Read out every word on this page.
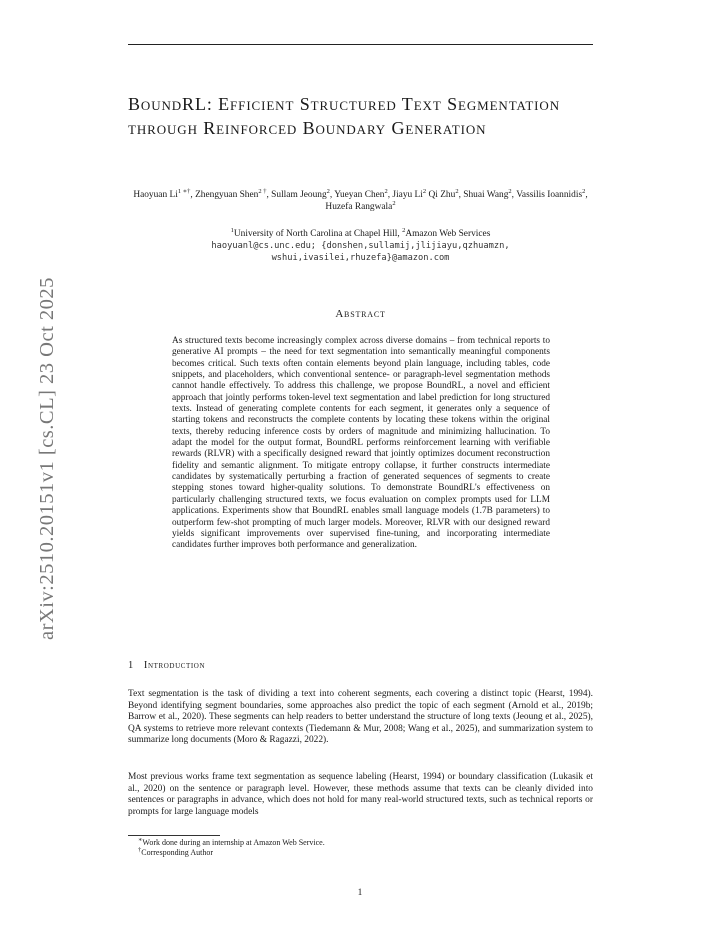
arXiv:2510.20151v1 [cs.CL] 23 Oct 2025
BoundRL: Efficient Structured Text Segmentation through Reinforced Boundary Generation
Haoyuan $Li^{1 ∗\dagger}$, Zhengyuan Shen$^{2 \dagger}$, Sullam Jeoung$^2$, Yueyan Chen$^2$, Jiayu Li$^2$ Qi Zhu$^2$, Shuai Wang$^2$, Vassilis Ioannidis$^2$, Huzefa Rangwala$^2$
$^1$University of North Carolina at Chapel Hill, $^2$Amazon Web Services
haoyuanl@cs.unc.edu; {donshen,sullamij,jlijiayu,qzhuamzn,
wshui,ivasilei,rhuzefa}@amazon.com
Abstract

As structured texts become increasingly complex across diverse domains – from technical reports to generative AI prompts – the need for text segmentation into semantically meaningful components becomes critical. Such texts often contain elements beyond plain language, including tables, code snippets, and placeholders, which conventional sentence- or paragraph-level segmentation methods cannot handle effectively. To address this challenge, we propose BoundRL, a novel and efficient approach that jointly performs token-level text segmentation and label prediction for long structured texts. Instead of generating complete contents for each segment, it generates only a sequence of starting tokens and reconstructs the complete contents by locating these tokens within the original texts, thereby reducing inference costs by orders of magnitude and minimizing hallucination. To adapt the model for the output format, BoundRL performs reinforcement learning with verifiable rewards (RLVR) with a specifically designed reward that jointly optimizes document reconstruction fidelity and semantic alignment. To mitigate entropy collapse, it further constructs intermediate candidates by systematically perturbing a fraction of generated sequences of segments to create stepping stones toward higher-quality solutions. To demonstrate BoundRL's effectiveness on particularly challenging structured texts, we focus evaluation on complex prompts used for LLM applications. Experiments show that BoundRL enables small language models (1.7B parameters) to outperform few-shot prompting of much larger models. Moreover, RLVR with our designed reward yields significant improvements over supervised fine-tuning, and incorporating intermediate candidates further improves both performance and generalization.

1 Introduction

Text segmentation is the task of dividing a text into coherent segments, each covering a distinct topic (Hearst, 1994). Beyond identifying segment boundaries, some approaches also predict the topic of each segment (Arnold et al., 2019b; Barrow et al., 2020). These segments can help readers to better understand the structure of long texts (Jeoung et al., 2025), QA systems to retrieve more relevant contexts (Tiedemann & Mur, 2008; Wang et al., 2025), and summarization system to summarize long documents (Moro & Ragazzi, 2022).

Most previous works frame text segmentation as sequence labeling (Hearst, 1994) or boundary classification (Lukasik et al., 2020) on the sentence or paragraph level. However, these methods assume that texts can be cleanly divided into sentences or paragraphs in advance, which does not hold for many real-world structured texts, such as technical reports or prompts for large language models

∗Work done during an internship at Amazon Web Service.
†Corresponding Author
1
